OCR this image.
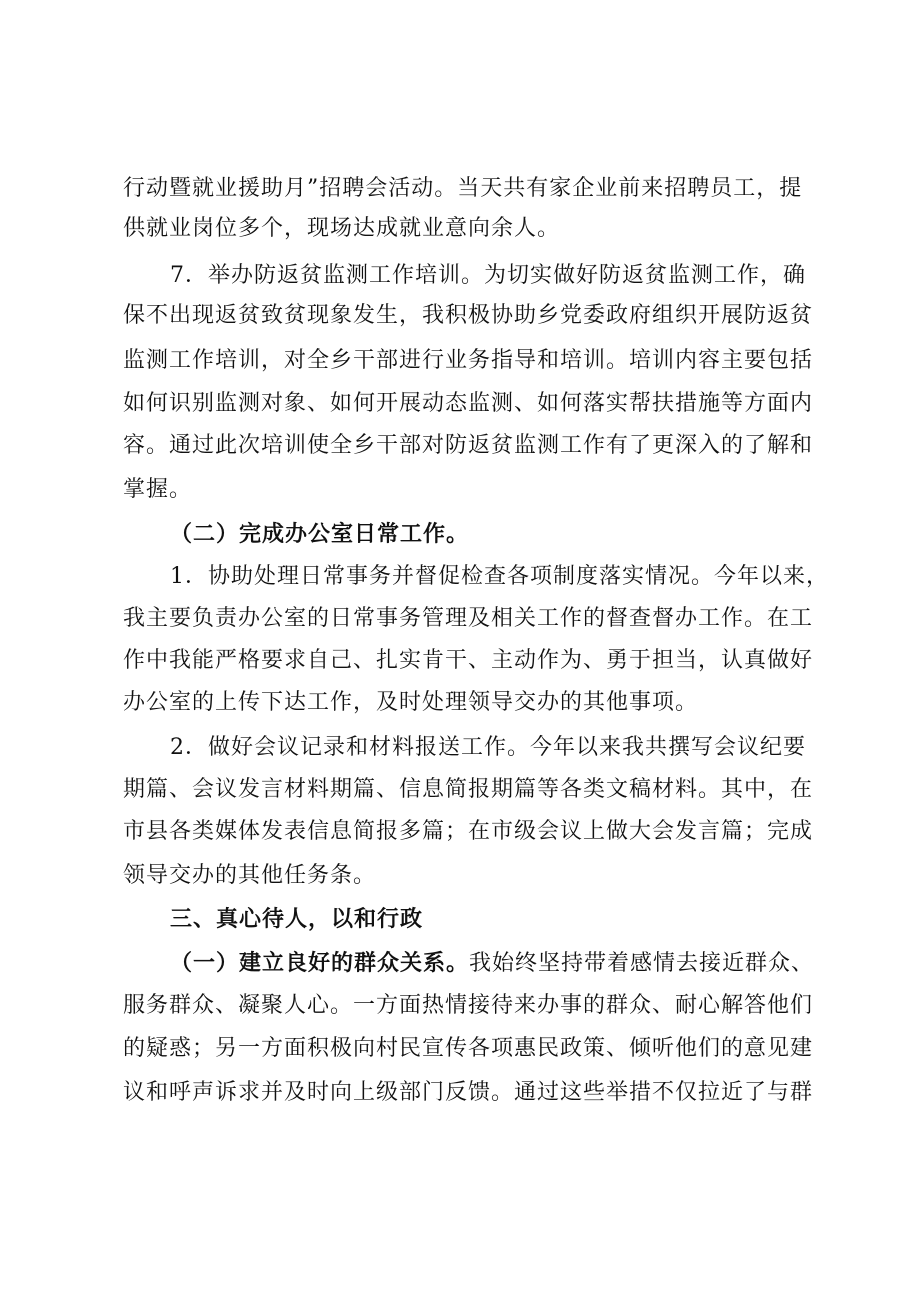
行动暨就业援助月”招聘会活动。当天共有家企业前来招聘员工，提
供就业岗位多个，现场达成就业意向余人。
7．举办防返贫监测工作培训。为切实做好防返贫监测工作，确
保不出现返贫致贫现象发生，我积极协助乡党委政府组织开展防返贫
监测工作培训，对全乡干部进行业务指导和培训。培训内容主要包括
如何识别监测对象、如何开展动态监测、如何落实帮扶措施等方面内
容。通过此次培训使全乡干部对防返贫监测工作有了更深入的了解和
掌握。
（二）完成办公室日常工作。
1．协助处理日常事务并督促检查各项制度落实情况。今年以来，
我主要负责办公室的日常事务管理及相关工作的督查督办工作。在工
作中我能严格要求自己、扎实肯干、主动作为、勇于担当，认真做好
办公室的上传下达工作，及时处理领导交办的其他事项。
2．做好会议记录和材料报送工作。今年以来我共撰写会议纪要
期篇、会议发言材料期篇、信息简报期篇等各类文稿材料。其中，在
市县各类媒体发表信息简报多篇；在市级会议上做大会发言篇；完成
领导交办的其他任务条。
三、真心待人，以和行政
（一）建立良好的群众关系。我始终坚持带着感情去接近群众、
服务群众、凝聚人心。一方面热情接待来办事的群众、耐心解答他们
的疑惑；另一方面积极向村民宣传各项惠民政策、倾听他们的意见建
议和呼声诉求并及时向上级部门反馈。通过这些举措不仅拉近了与群
